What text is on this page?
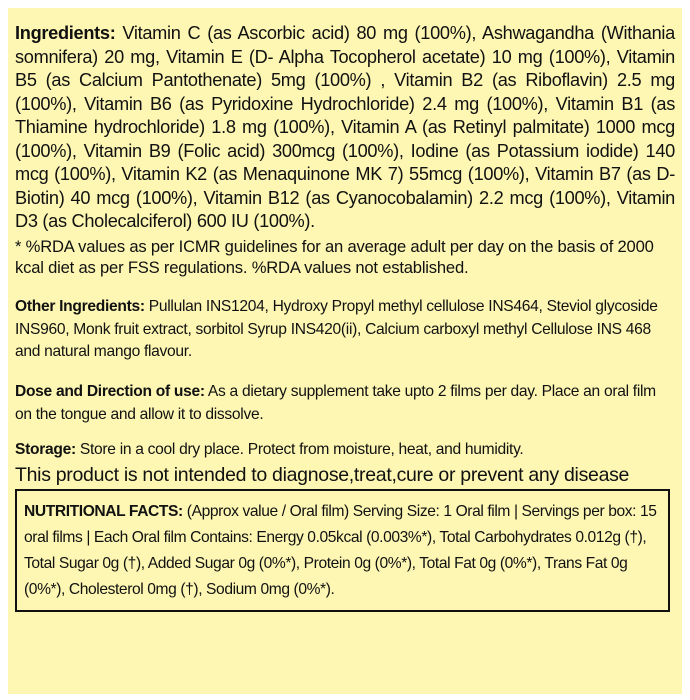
Ingredients: Vitamin C (as Ascorbic acid) 80 mg (100%), Ashwagandha (Withania somnifera) 20 mg, Vitamin E (D- Alpha Tocopherol acetate) 10 mg (100%), Vitamin B5 (as Calcium Pantothenate) 5mg (100%) , Vitamin B2 (as Riboflavin) 2.5 mg (100%), Vitamin B6 (as Pyridoxine Hydrochloride) 2.4 mg (100%), Vitamin B1 (as Thiamine hydrochloride) 1.8 mg (100%), Vitamin A (as Retinyl palmitate) 1000 mcg (100%), Vitamin B9 (Folic acid) 300mcg (100%), Iodine (as Potassium iodide) 140 mcg (100%), Vitamin K2 (as Menaquinone MK 7) 55mcg (100%), Vitamin B7 (as D-Biotin) 40 mcg (100%), Vitamin B12 (as Cyanocobalamin) 2.2 mcg (100%), Vitamin D3 (as Cholecalciferol) 600 IU (100%).

* %RDA values as per ICMR guidelines for an average adult per day on the basis of 2000 kcal diet as per FSS regulations. %RDA values not established.

Other Ingredients: Pullulan INS1204, Hydroxy Propyl methyl cellulose INS464, Steviol glycoside INS960, Monk fruit extract, sorbitol Syrup INS420(ii), Calcium carboxyl methyl Cellulose INS 468 and natural mango flavour.

Dose and Direction of use: As a dietary supplement take upto 2 films per day. Place an oral film on the tongue and allow it to dissolve.

Storage: Store in a cool dry place. Protect from moisture, heat, and humidity.

This product is not intended to diagnose,treat,cure or prevent any disease

NUTRITIONAL FACTS: (Approx value / Oral film) Serving Size: 1 Oral film | Servings per box: 15 oral films | Each Oral film Contains: Energy 0.05kcal (0.003%*), Total Carbohydrates 0.012g (†), Total Sugar 0g (†), Added Sugar 0g (0%*), Protein 0g (0%*), Total Fat 0g (0%*), Trans Fat 0g (0%*), Cholesterol 0mg (†), Sodium 0mg (0%*).
